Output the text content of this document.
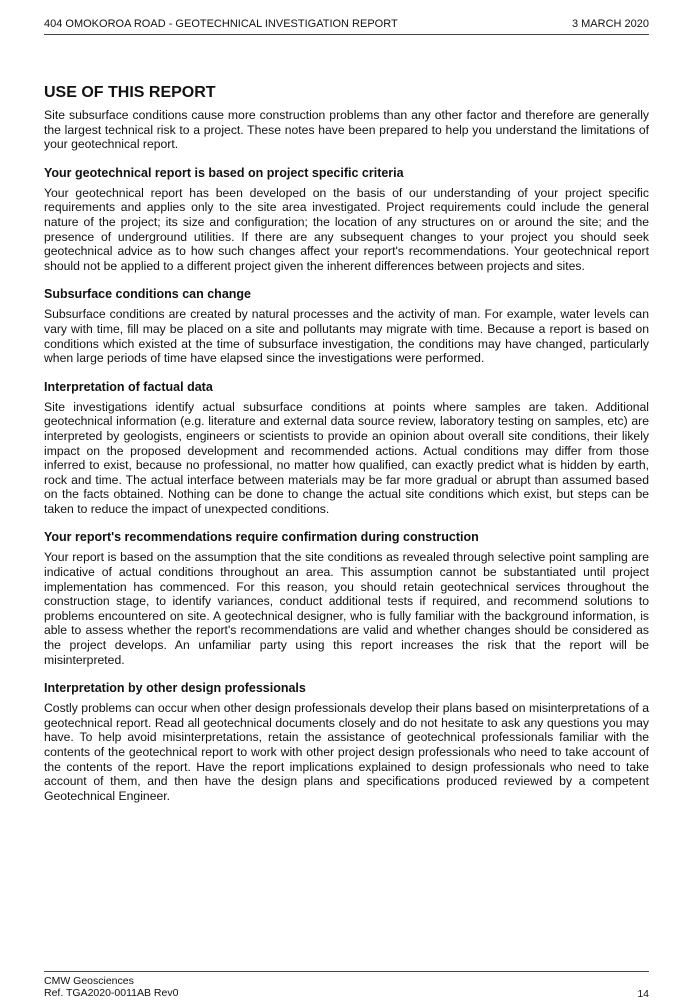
404 OMOKOROA ROAD - GEOTECHNICAL INVESTIGATION REPORT	3 MARCH 2020
USE OF THIS REPORT

Site subsurface conditions cause more construction problems than any other factor and therefore are generally the largest technical risk to a project. These notes have been prepared to help you understand the limitations of your geotechnical report.

Your geotechnical report is based on project specific criteria

Your geotechnical report has been developed on the basis of our understanding of your project specific requirements and applies only to the site area investigated. Project requirements could include the general nature of the project; its size and configuration; the location of any structures on or around the site; and the presence of underground utilities. If there are any subsequent changes to your project you should seek geotechnical advice as to how such changes affect your report's recommendations. Your geotechnical report should not be applied to a different project given the inherent differences between projects and sites.

Subsurface conditions can change

Subsurface conditions are created by natural processes and the activity of man. For example, water levels can vary with time, fill may be placed on a site and pollutants may migrate with time. Because a report is based on conditions which existed at the time of subsurface investigation, the conditions may have changed, particularly when large periods of time have elapsed since the investigations were performed.

Interpretation of factual data

Site investigations identify actual subsurface conditions at points where samples are taken. Additional geotechnical information (e.g. literature and external data source review, laboratory testing on samples, etc) are interpreted by geologists, engineers or scientists to provide an opinion about overall site conditions, their likely impact on the proposed development and recommended actions. Actual conditions may differ from those inferred to exist, because no professional, no matter how qualified, can exactly predict what is hidden by earth, rock and time. The actual interface between materials may be far more gradual or abrupt than assumed based on the facts obtained. Nothing can be done to change the actual site conditions which exist, but steps can be taken to reduce the impact of unexpected conditions.

Your report's recommendations require confirmation during construction

Your report is based on the assumption that the site conditions as revealed through selective point sampling are indicative of actual conditions throughout an area. This assumption cannot be substantiated until project implementation has commenced. For this reason, you should retain geotechnical services throughout the construction stage, to identify variances, conduct additional tests if required, and recommend solutions to problems encountered on site. A geotechnical designer, who is fully familiar with the background information, is able to assess whether the report's recommendations are valid and whether changes should be considered as the project develops. An unfamiliar party using this report increases the risk that the report will be misinterpreted.

Interpretation by other design professionals

Costly problems can occur when other design professionals develop their plans based on misinterpretations of a geotechnical report. Read all geotechnical documents closely and do not hesitate to ask any questions you may have. To help avoid misinterpretations, retain the assistance of geotechnical professionals familiar with the contents of the geotechnical report to work with other project design professionals who need to take account of the contents of the report. Have the report implications explained to design professionals who need to take account of them, and then have the design plans and specifications produced reviewed by a competent Geotechnical Engineer.

CMW Geosciences
Ref. TGA2020-0011AB Rev0	14
